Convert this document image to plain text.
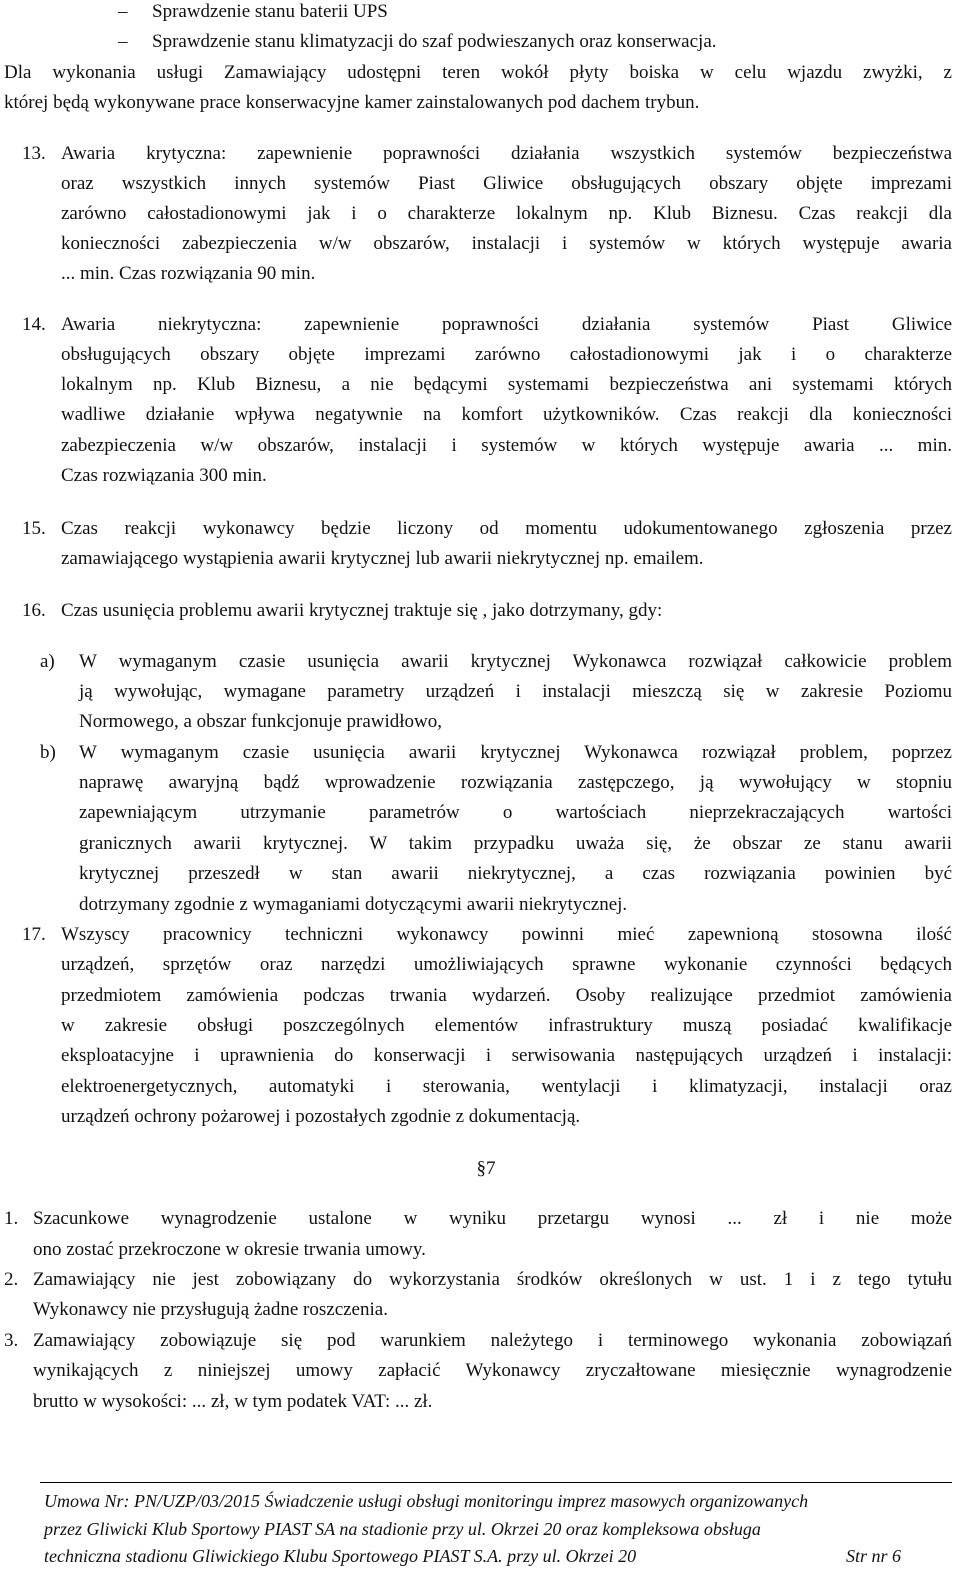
– Sprawdzenie stanu baterii UPS
– Sprawdzenie stanu klimatyzacji do szaf podwieszanych oraz konserwacja.
Dla wykonania usługi Zamawiający udostępni teren wokół płyty boiska w celu wjazdu zwyżki, z
której będą wykonywane prace konserwacyjne kamer zainstalowanych pod dachem trybun.
13. Awaria krytyczna: zapewnienie poprawności działania wszystkich systemów bezpieczeństwa
oraz wszystkich innych systemów Piast Gliwice obsługujących obszary objęte imprezami
zarówno całostadionowymi jak i o charakterze lokalnym np. Klub Biznesu. Czas reakcji dla
konieczności zabezpieczenia w/w obszarów, instalacji i systemów w których występuje awaria
... min. Czas rozwiązania 90 min.
14. Awaria niekrytyczna: zapewnienie poprawności działania systemów Piast Gliwice
obsługujących obszary objęte imprezami zarówno całostadionowymi jak i o charakterze
lokalnym np. Klub Biznesu, a nie będącymi systemami bezpieczeństwa ani systemami których
wadliwe działanie wpływa negatywnie na komfort użytkowników. Czas reakcji dla konieczności
zabezpieczenia w/w obszarów, instalacji i systemów w których występuje awaria ... min.
Czas rozwiązania 300 min.
15. Czas reakcji wykonawcy będzie liczony od momentu udokumentowanego zgłoszenia przez
zamawiającego wystąpienia awarii krytycznej lub awarii niekrytycznej np. emailem.
16. Czas usunięcia problemu awarii krytycznej traktuje się , jako dotrzymany, gdy:
a) W wymaganym czasie usunięcia awarii krytycznej Wykonawca rozwiązał całkowicie problem
ją wywołując, wymagane parametry urządzeń i instalacji mieszczą się w zakresie Poziomu
Normowego, a obszar funkcjonuje prawidłowo,
b) W wymaganym czasie usunięcia awarii krytycznej Wykonawca rozwiązał problem, poprzez
naprawę awaryjną bądź wprowadzenie rozwiązania zastępczego, ją wywołujący w stopniu
zapewniającym utrzymanie parametrów o wartościach nieprzekraczających wartości
granicznych awarii krytycznej. W takim przypadku uważa się, że obszar ze stanu awarii
krytycznej przeszedł w stan awarii niekrytycznej, a czas rozwiązania powinien być
dotrzymany zgodnie z wymaganiami dotyczącymi awarii niekrytycznej.
17. Wszyscy pracownicy techniczni wykonawcy powinni mieć zapewnioną stosowna ilość
urządzeń, sprzętów oraz narzędzi umożliwiających sprawne wykonanie czynności będących
przedmiotem zamówienia podczas trwania wydarzeń. Osoby realizujące przedmiot zamówienia
w zakresie obsługi poszczególnych elementów infrastruktury muszą posiadać kwalifikacje
eksploatacyjne i uprawnienia do konserwacji i serwisowania następujących urządzeń i instalacji:
elektroenergetycznych, automatyki i sterowania, wentylacji i klimatyzacji, instalacji oraz
urządzeń ochrony pożarowej i pozostałych zgodnie z dokumentacją.
§7
1. Szacunkowe wynagrodzenie ustalone w wyniku przetargu wynosi ... zł i nie może
ono zostać przekroczone w okresie trwania umowy.
2. Zamawiający nie jest zobowiązany do wykorzystania środków określonych w ust. 1 i z tego tytułu
Wykonawcy nie przysługują żadne roszczenia.
3. Zamawiający zobowiązuje się pod warunkiem należytego i terminowego wykonania zobowiązań
wynikających z niniejszej umowy zapłacić Wykonawcy zryczałtowane miesięcznie wynagrodzenie
brutto w wysokości: ... zł, w tym podatek VAT: ... zł.
Umowa Nr: PN/UZP/03/2015 Świadczenie usługi obsługi monitoringu imprez masowych organizowanych
przez Gliwicki Klub Sportowy PIAST SA na stadionie przy ul. Okrzei 20 oraz kompleksowa obsługa
techniczna stadionu Gliwickiego Klubu Sportowego PIAST S.A. przy ul. Okrzei 20	Str nr 6
